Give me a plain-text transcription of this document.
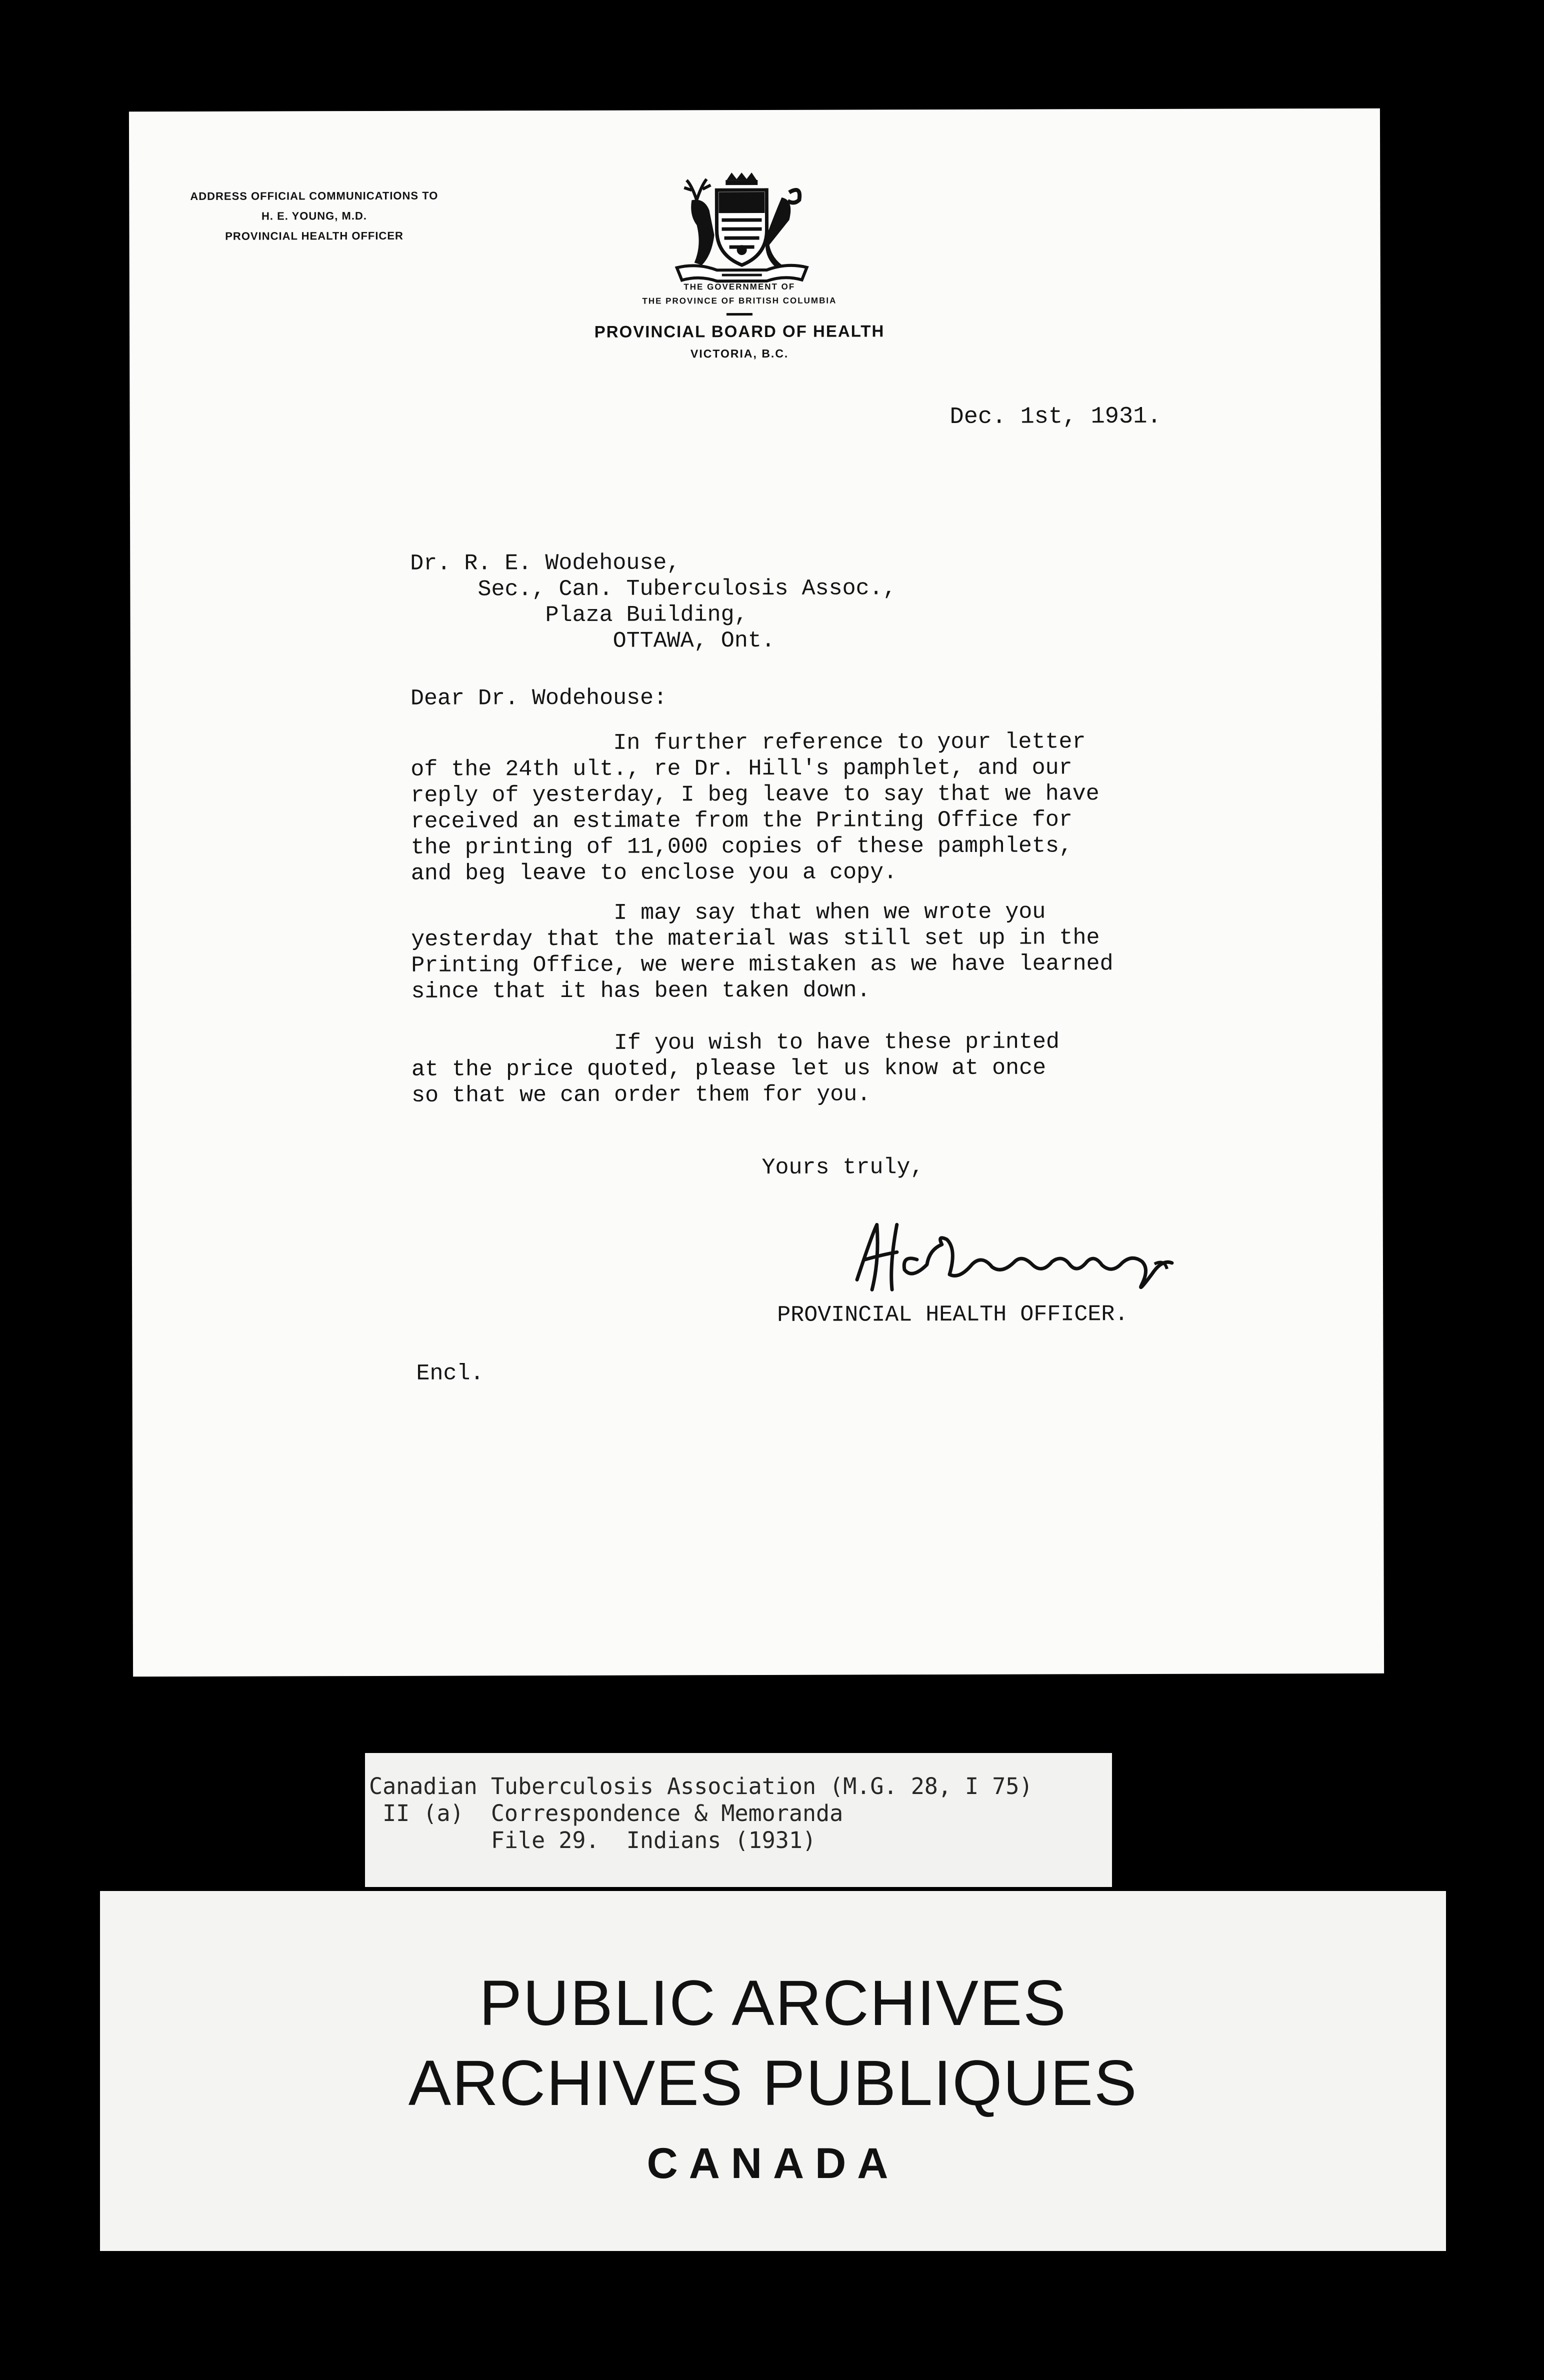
ADDRESS OFFICIAL COMMUNICATIONS TO
H. E. YOUNG, M.D.
PROVINCIAL HEALTH OFFICER
THE GOVERNMENT OF
THE PROVINCE OF BRITISH COLUMBIA
PROVINCIAL BOARD OF HEALTH
VICTORIA, B.C.
Dec. 1st, 1931.
Dr. R. E. Wodehouse,
Sec., Can. Tuberculosis Assoc.,
Plaza Building,
OTTAWA, Ont.
Dear Dr. Wodehouse:
In further reference to your letter
of the 24th ult., re Dr. Hill's pamphlet, and our
reply of yesterday, I beg leave to say that we have
received an estimate from the Printing Office for
the printing of 11,000 copies of these pamphlets,
and beg leave to enclose you a copy.
I may say that when we wrote you
yesterday that the material was still set up in the
Printing Office, we were mistaken as we have learned
since that it has been taken down.
If you wish to have these printed
at the price quoted, please let us know at once
so that we can order them for you.
Yours truly,
PROVINCIAL HEALTH OFFICER.
Encl.
Canadian Tuberculosis Association (M.G. 28, I 75)
II (a)  Correspondence & Memoranda
File 29.  Indians (1931)
PUBLIC ARCHIVES
ARCHIVES PUBLIQUES
CANADA
